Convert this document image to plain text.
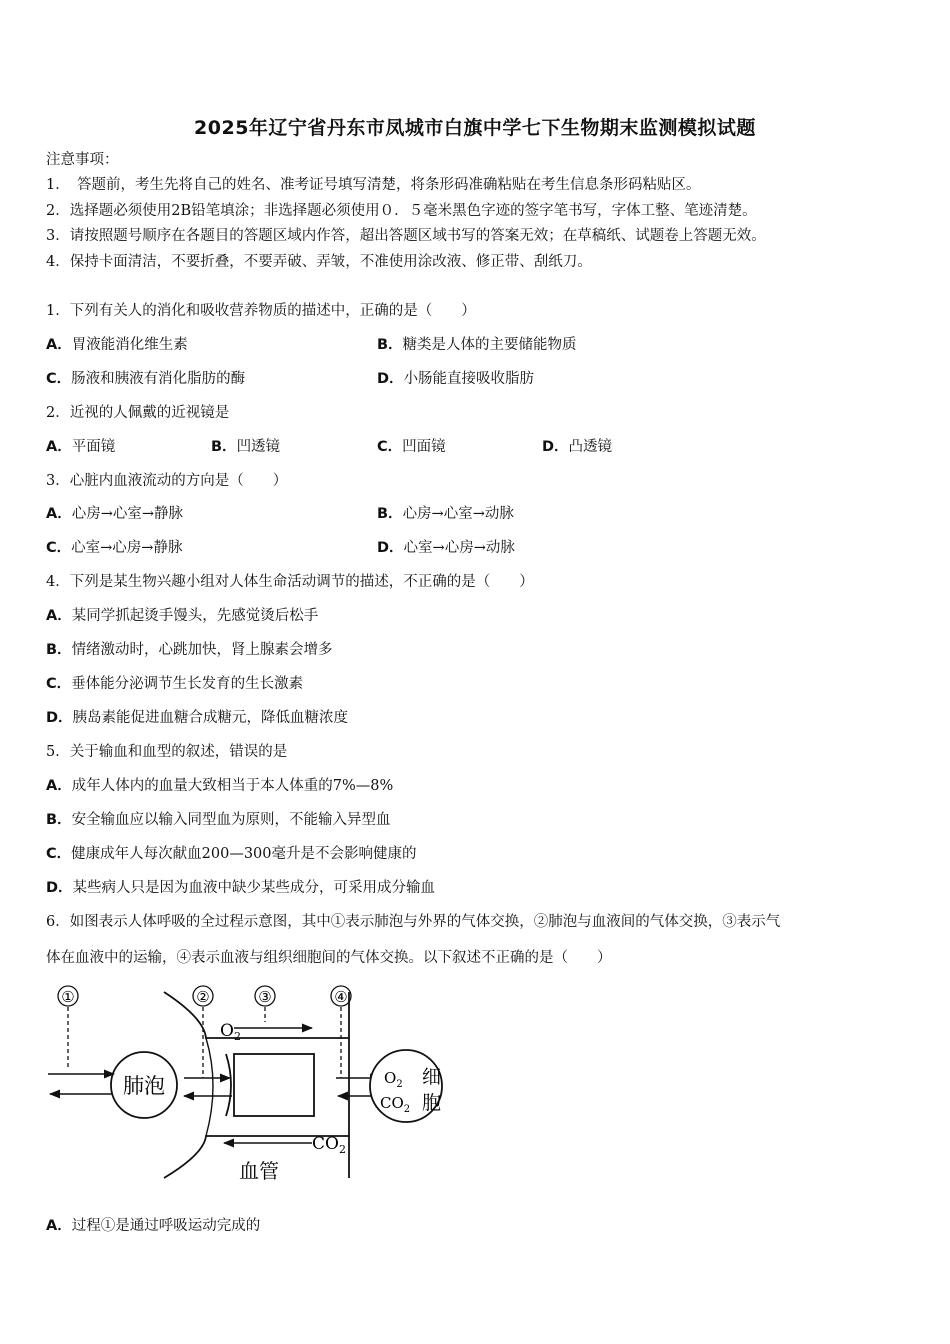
2025年辽宁省丹东市凤城市白旗中学七下生物期末监测模拟试题
注意事项：
1．　答题前，考生先将自己的姓名、准考证号填写清楚，将条形码准确粘贴在考生信息条形码粘贴区。
2．选择题必须使用2B铅笔填涂；非选择题必须使用０．５毫米黑色字迹的签字笔书写，字体工整、笔迹清楚。
3．请按照题号顺序在各题目的答题区域内作答，超出答题区域书写的答案无效；在草稿纸、试题卷上答题无效。
4．保持卡面清洁，不要折叠，不要弄破、弄皱，不准使用涂改液、修正带、刮纸刀。
1．下列有关人的消化和吸收营养物质的描述中，正确的是（　　）
A．胃液能消化维生素	B．糖类是人体的主要储能物质
C．肠液和胰液有消化脂肪的酶	D．小肠能直接吸收脂肪
2．近视的人佩戴的近视镜是
A．平面镜	B．凹透镜	C．凹面镜	D．凸透镜
3．心脏内血液流动的方向是（　　）
A．心房→心室→静脉	B．心房→心室→动脉
C．心室→心房→静脉	D．心室→心房→动脉
4．下列是某生物兴趣小组对人体生命活动调节的描述，不正确的是（　　）
A．某同学抓起烫手馒头，先感觉烫后松手
B．情绪激动时，心跳加快，肾上腺素会增多
C．垂体能分泌调节生长发育的生长激素
D．胰岛素能促进血糖合成糖元，降低血糖浓度
5．关于输血和血型的叙述，错误的是
A．成年人体内的血量大致相当于本人体重的7%—8%
B．安全输血应以输入同型血为原则，不能输入异型血
C．健康成年人每次献血200—300毫升是不会影响健康的
D．某些病人只是因为血液中缺少某些成分，可采用成分输血
6．如图表示人体呼吸的全过程示意图，其中①表示肺泡与外界的气体交换，②肺泡与血液间的气体交换，③表示气
体在血液中的运输，④表示血液与组织细胞间的气体交换。以下叙述不正确的是（　　）
①	②	③	④
肺泡
$O_2$
$CO_2$
$O_2$
$CO_2$
细
胞
血管
A．过程①是通过呼吸运动完成的
